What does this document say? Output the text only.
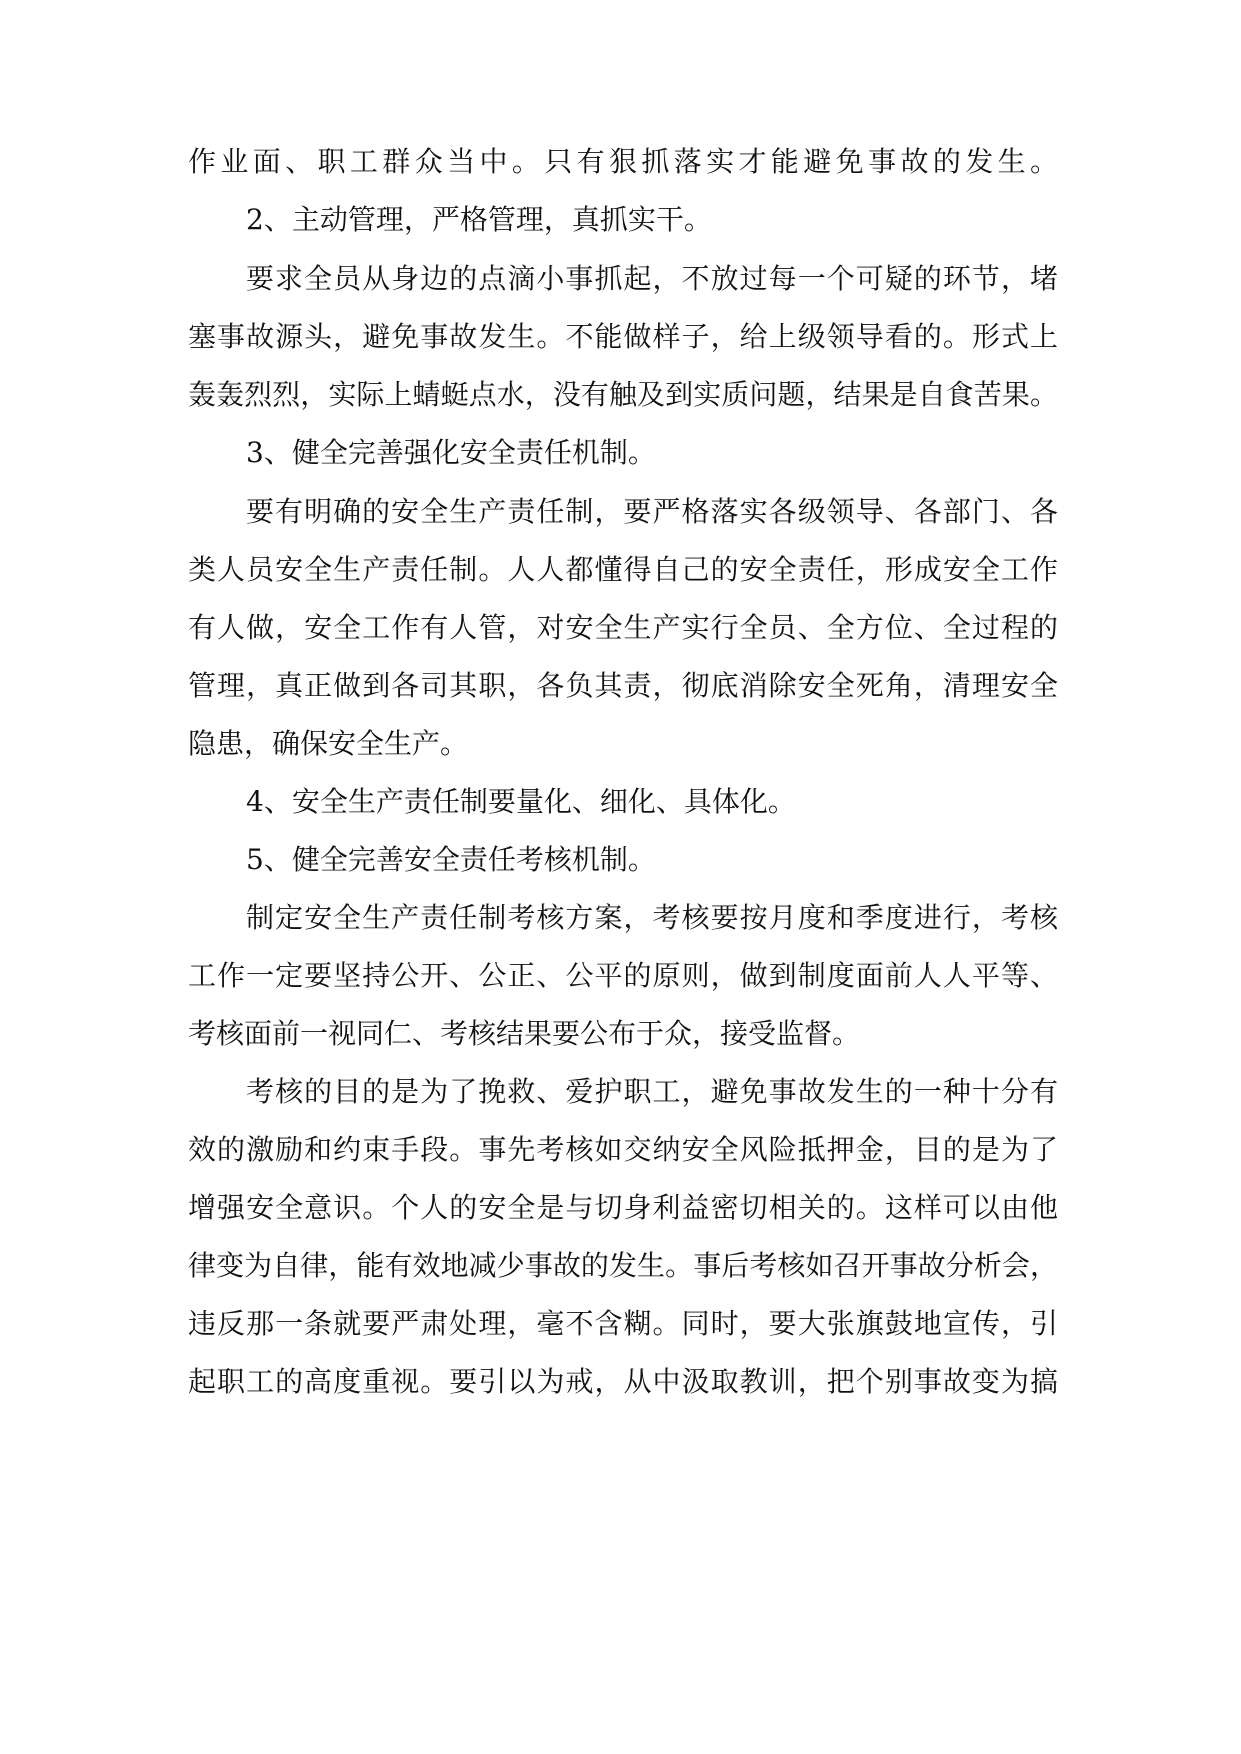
作业面、职工群众当中。只有狠抓落实才能避免事故的发生。
2、主动管理，严格管理，真抓实干。
要求全员从身边的点滴小事抓起，不放过每一个可疑的环节，堵
塞事故源头，避免事故发生。不能做样子，给上级领导看的。形式上
轰轰烈烈，实际上蜻蜓点水，没有触及到实质问题，结果是自食苦果。
3、健全完善强化安全责任机制。
要有明确的安全生产责任制，要严格落实各级领导、各部门、各
类人员安全生产责任制。人人都懂得自己的安全责任，形成安全工作
有人做，安全工作有人管，对安全生产实行全员、全方位、全过程的
管理，真正做到各司其职，各负其责，彻底消除安全死角，清理安全
隐患，确保安全生产。
4、安全生产责任制要量化、细化、具体化。
5、健全完善安全责任考核机制。
制定安全生产责任制考核方案，考核要按月度和季度进行，考核
工作一定要坚持公开、公正、公平的原则，做到制度面前人人平等、
考核面前一视同仁、考核结果要公布于众，接受监督。
考核的目的是为了挽救、爱护职工，避免事故发生的一种十分有
效的激励和约束手段。事先考核如交纳安全风险抵押金，目的是为了
增强安全意识。个人的安全是与切身利益密切相关的。这样可以由他
律变为自律，能有效地减少事故的发生。事后考核如召开事故分析会，
违反那一条就要严肃处理，毫不含糊。同时，要大张旗鼓地宣传，引
起职工的高度重视。要引以为戒，从中汲取教训，把个别事故变为搞
